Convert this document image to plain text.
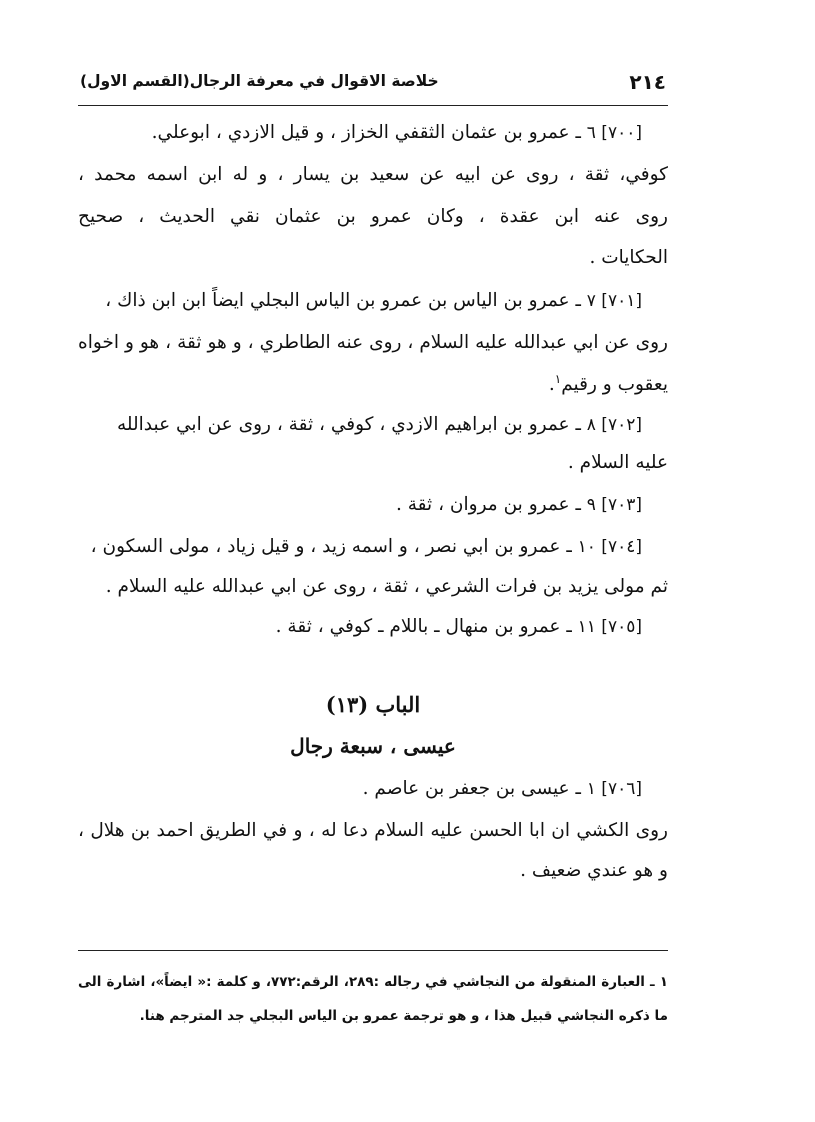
٢١٤
خلاصة الاقوال في معرفة الرجال(القسم الاول)
[٧٠٠] ٦ ـ عمرو بن عثمان الثقفي الخزاز ، و قيل الازدي ، ابوعلي.
كوفي، ثقة ، روى عن ابيه عن سعيد بن يسار ، و له ابن اسمه محمد ،
روى عنه ابن عقدة ، وكان عمرو بن عثمان نقي الحديث ، صحيح
الحكايات .
[٧٠١] ٧ ـ عمرو بن الياس بن عمرو بن الياس البجلي ايضاً ابن ابن ذاك ،
روى عن ابي عبدالله عليه السلام ، روى عنه الطاطري ، و هو ثقة ، هو و اخواه
يعقوب و رقيم$^١$.
[٧٠٢] ٨ ـ عمرو بن ابراهيم الازدي ، كوفي ، ثقة ، روى عن ابي عبدالله
عليه السلام .
[٧٠٣] ٩ ـ عمرو بن مروان ، ثقة .
[٧٠٤] ١٠ ـ عمرو بن ابي نصر ، و اسمه زيد ، و قيل زياد ، مولى السكون ،
ثم مولى يزيد بن فرات الشرعي ، ثقة ، روى عن ابي عبدالله عليه السلام .
[٧٠٥] ١١ ـ عمرو بن منهال ـ باللام ـ كوفي ، ثقة .
الباب (١٣)
عيسى ، سبعة رجال
[٧٠٦] ١ ـ عيسى بن جعفر بن عاصم .
روى الكشي ان ابا الحسن عليه السلام دعا له ، و في الطريق احمد بن هلال ،
و هو عندي ضعيف .
١ ـ العبارة المنقولة من النجاشي في رجاله :٢٨٩، الرقم:٧٧٢، و كلمة :« ايضاً»، اشارة الى
ما ذكره النجاشي قبيل هذا ، و هو ترجمة عمرو بن الياس البجلي جد المترجم هنا.
